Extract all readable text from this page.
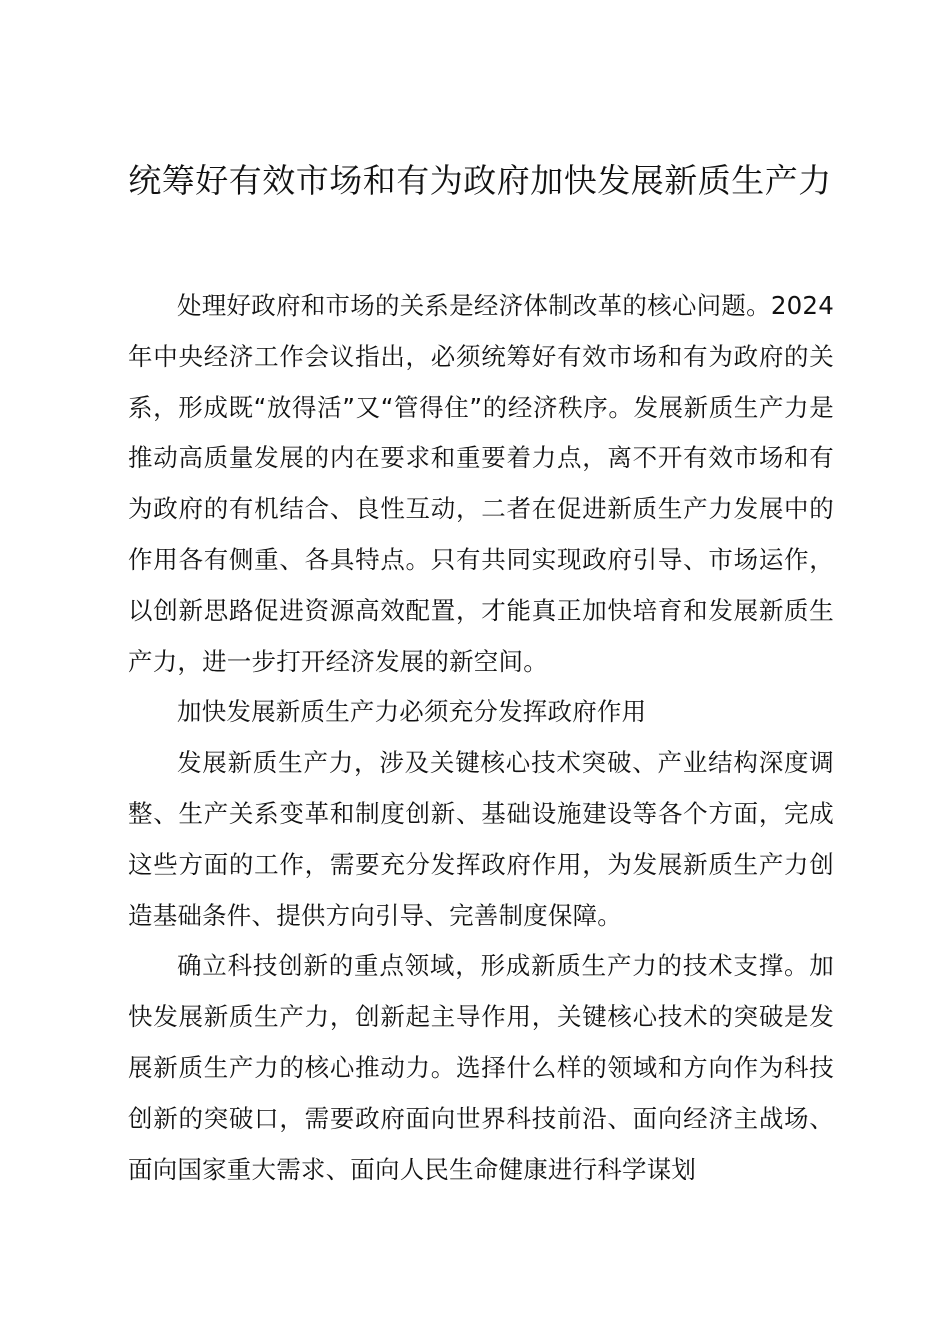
统筹好有效市场和有为政府加快发展新质生产力

处理好政府和市场的关系是经济体制改革的核心问题。2024年中央经济工作会议指出，必须统筹好有效市场和有为政府的关系，形成既“放得活”又“管得住”的经济秩序。发展新质生产力是推动高质量发展的内在要求和重要着力点，离不开有效市场和有为政府的有机结合、良性互动，二者在促进新质生产力发展中的作用各有侧重、各具特点。只有共同实现政府引导、市场运作，以创新思路促进资源高效配置，才能真正加快培育和发展新质生产力，进一步打开经济发展的新空间。

加快发展新质生产力必须充分发挥政府作用

发展新质生产力，涉及关键核心技术突破、产业结构深度调整、生产关系变革和制度创新、基础设施建设等各个方面，完成这些方面的工作，需要充分发挥政府作用，为发展新质生产力创造基础条件、提供方向引导、完善制度保障。

确立科技创新的重点领域，形成新质生产力的技术支撑。加快发展新质生产力，创新起主导作用，关键核心技术的突破是发展新质生产力的核心推动力。选择什么样的领域和方向作为科技创新的突破口，需要政府面向世界科技前沿、面向经济主战场、面向国家重大需求、面向人民生命健康进行科学谋划
